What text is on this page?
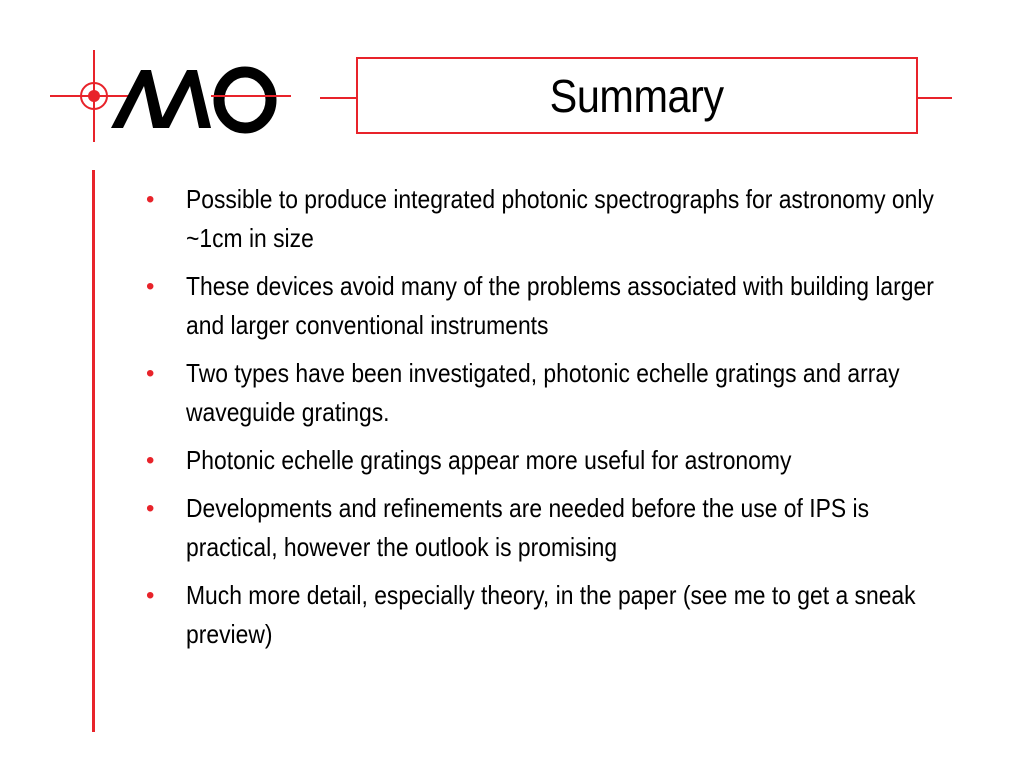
Summary
• Possible to produce integrated photonic spectrographs for astronomy only ~1cm in size
• These devices avoid many of the problems associated with building larger and larger conventional instruments
• Two types have been investigated, photonic echelle gratings and array waveguide gratings.
• Photonic echelle gratings appear more useful for astronomy
• Developments and refinements are needed before the use of IPS is practical, however the outlook is promising
• Much more detail, especially theory, in the paper (see me to get a sneak preview)
